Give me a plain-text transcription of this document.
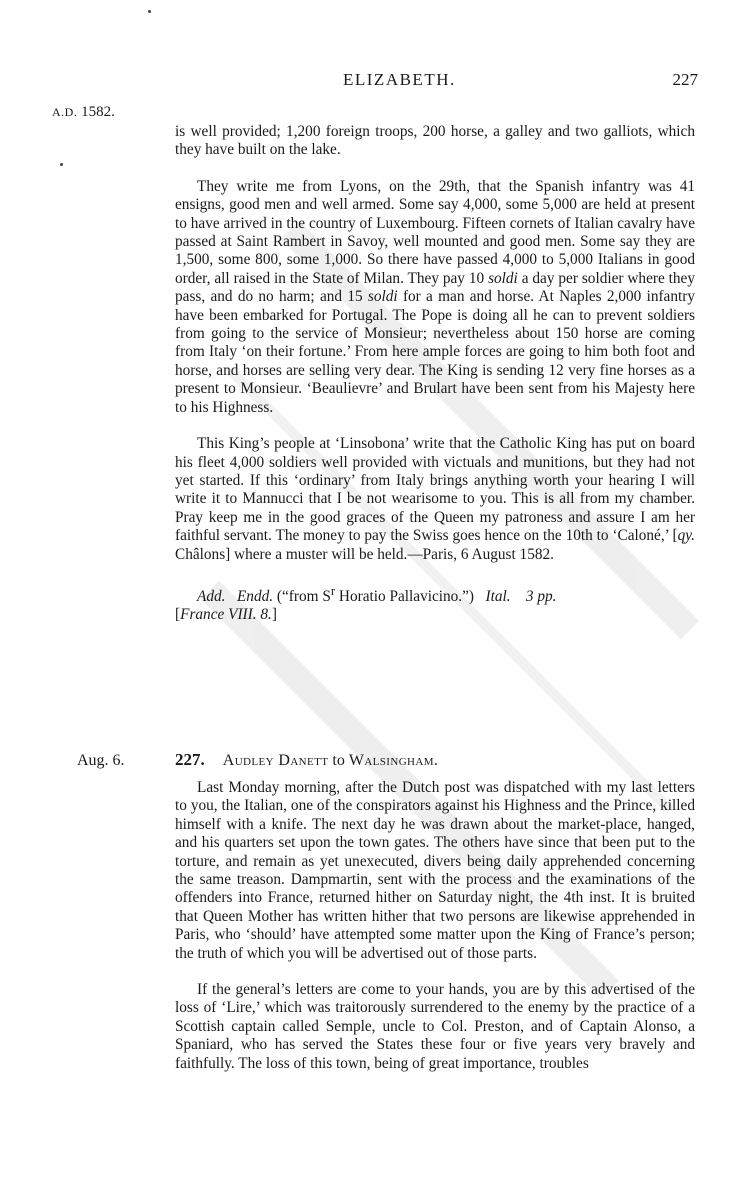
ELIZABETH.	227
A.D. 1582.

is well provided; 1,200 foreign troops, 200 horse, a galley and two galliots, which they have built on the lake.

They write me from Lyons, on the 29th, that the Spanish infantry was 41 ensigns, good men and well armed. Some say 4,000, some 5,000 are held at present to have arrived in the country of Luxembourg. Fifteen cornets of Italian cavalry have passed at Saint Rambert in Savoy, well mounted and good men. Some say they are 1,500, some 800, some 1,000. So there have passed 4,000 to 5,000 Italians in good order, all raised in the State of Milan. They pay 10 soldi a day per soldier where they pass, and do no harm; and 15 soldi for a man and horse. At Naples 2,000 infantry have been embarked for Portugal. The Pope is doing all he can to prevent soldiers from going to the service of Monsieur; nevertheless about 150 horse are coming from Italy ‘on their fortune.’ From here ample forces are going to him both foot and horse, and horses are selling very dear. The King is sending 12 very fine horses as a present to Monsieur. ‘Beaulievre’ and Brulart have been sent from his Majesty here to his Highness.

This King’s people at ‘Linsobona’ write that the Catholic King has put on board his fleet 4,000 soldiers well provided with victuals and munitions, but they had not yet started. If this ‘ordinary’ from Italy brings anything worth your hearing I will write it to Mannucci that I be not wearisome to you. This is all from my chamber. Pray keep me in the good graces of the Queen my patroness and assure I am her faithful servant. The money to pay the Swiss goes hence on the 10th to ‘Caloné,’ [qy. Châlons] where a muster will be held.—Paris, 6 August 1582.

Add. Endd. (“from $S^r$ Horatio Pallavicino.”) Ital. 3 pp.
[France VIII. 8.]

Aug. 6.	227. Audley Danett to Walsingham.

Last Monday morning, after the Dutch post was dispatched with my last letters to you, the Italian, one of the conspirators against his Highness and the Prince, killed himself with a knife. The next day he was drawn about the market-place, hanged, and his quarters set upon the town gates. The others have since that been put to the torture, and remain as yet unexecuted, divers being daily apprehended concerning the same treason. Dampmartin, sent with the process and the examinations of the offenders into France, returned hither on Saturday night, the 4th inst. It is bruited that Queen Mother has written hither that two persons are likewise apprehended in Paris, who ‘should’ have attempted some matter upon the King of France’s person; the truth of which you will be advertised out of those parts.

If the general’s letters are come to your hands, you are by this advertised of the loss of ‘Lire,’ which was traitorously surrendered to the enemy by the practice of a Scottish captain called Semple, uncle to Col. Preston, and of Captain Alonso, a Spaniard, who has served the States these four or five years very bravely and faithfully. The loss of this town, being of great importance, troubles
